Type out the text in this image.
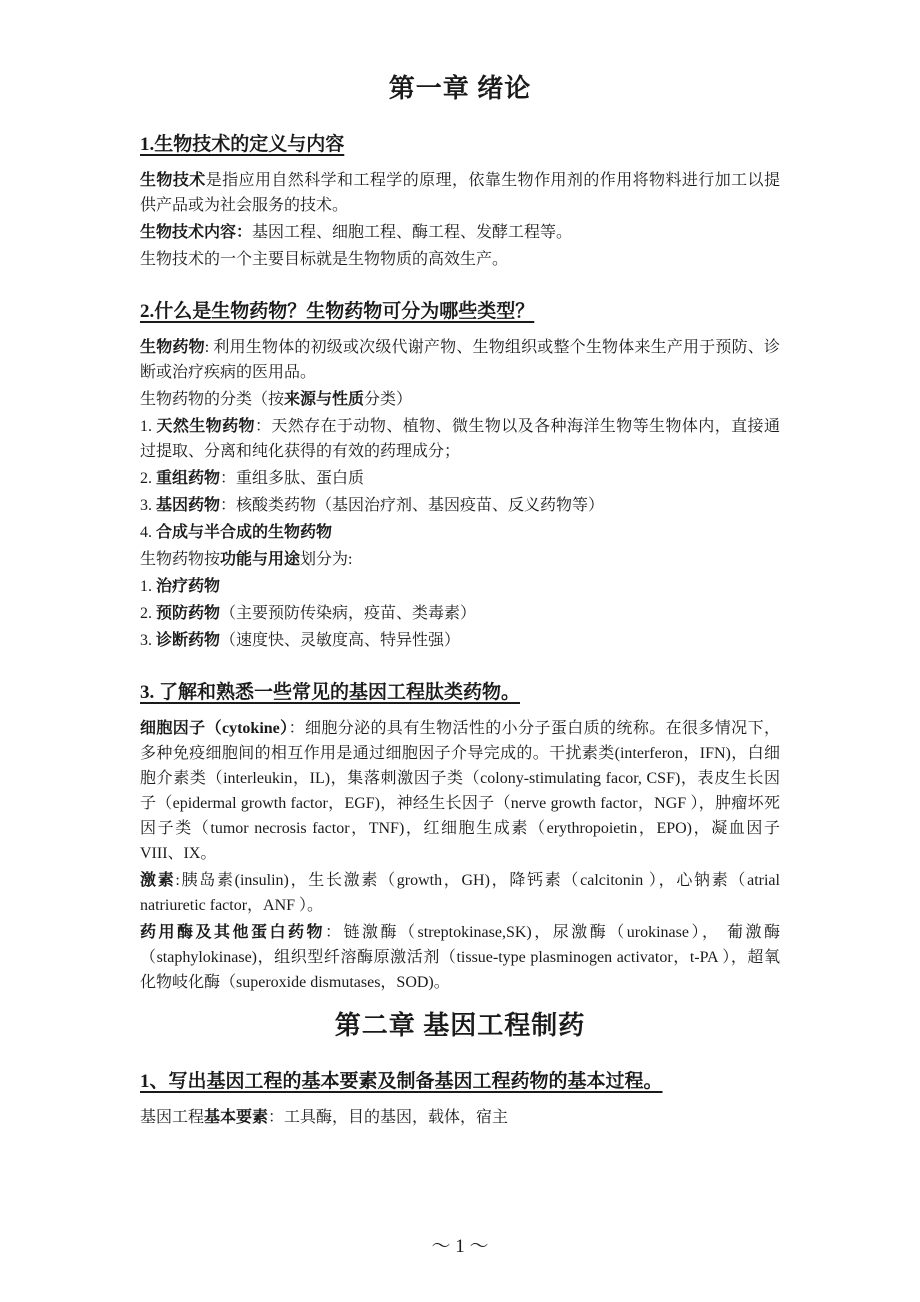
第一章 绪论
1.生物技术的定义与内容

生物技术是指应用自然科学和工程学的原理，依靠生物作用剂的作用将物料进行加工以提供产品或为社会服务的技术。

生物技术内容：基因工程、细胞工程、酶工程、发酵工程等。

生物技术的一个主要目标就是生物物质的高效生产。

2.什么是生物药物？生物药物可分为哪些类型？

生物药物: 利用生物体的初级或次级代谢产物、生物组织或整个生物体来生产用于预防、诊断或治疗疾病的医用品。

生物药物的分类（按来源与性质分类）

1. 天然生物药物：天然存在于动物、植物、微生物以及各种海洋生物等生物体内，直接通过提取、分离和纯化获得的有效的药理成分；

2. 重组药物：重组多肽、蛋白质

3. 基因药物：核酸类药物（基因治疗剂、基因疫苗、反义药物等）

4. 合成与半合成的生物药物

生物药物按功能与用途划分为:

1. 治疗药物

2. 预防药物（主要预防传染病，疫苗、类毒素）

3. 诊断药物（速度快、灵敏度高、特异性强）

3. 了解和熟悉一些常见的基因工程肽类药物。

细胞因子（cytokine）：细胞分泌的具有生物活性的小分子蛋白质的统称。在很多情况下，多种免疫细胞间的相互作用是通过细胞因子介导完成的。干扰素类(interferon，IFN)，白细胞介素类（interleukin，IL)，集落刺激因子类（colony-stimulating facor, CSF)，表皮生长因子（epidermal growth factor，EGF)，神经生长因子（nerve growth factor，NGF ），肿瘤坏死因子类（tumor necrosis factor，TNF)，红细胞生成素（erythropoietin，EPO)，凝血因子 VIII、IX。

激素:胰岛素(insulin)，生长激素（growth，GH)，降钙素（calcitonin ），心钠素（atrial natriuretic factor，ANF ）。

药用酶及其他蛋白药物：链激酶（streptokinase,SK)，尿激酶（urokinase）， 葡激酶（staphylokinase)，组织型纤溶酶原激活剂（tissue-type plasminogen activator，t-PA ），超氧化物岐化酶（superoxide dismutases，SOD)。

第二章 基因工程制药
1、写出基因工程的基本要素及制备基因工程药物的基本过程。

基因工程基本要素：工具酶，目的基因，载体，宿主

～ 1 ～
